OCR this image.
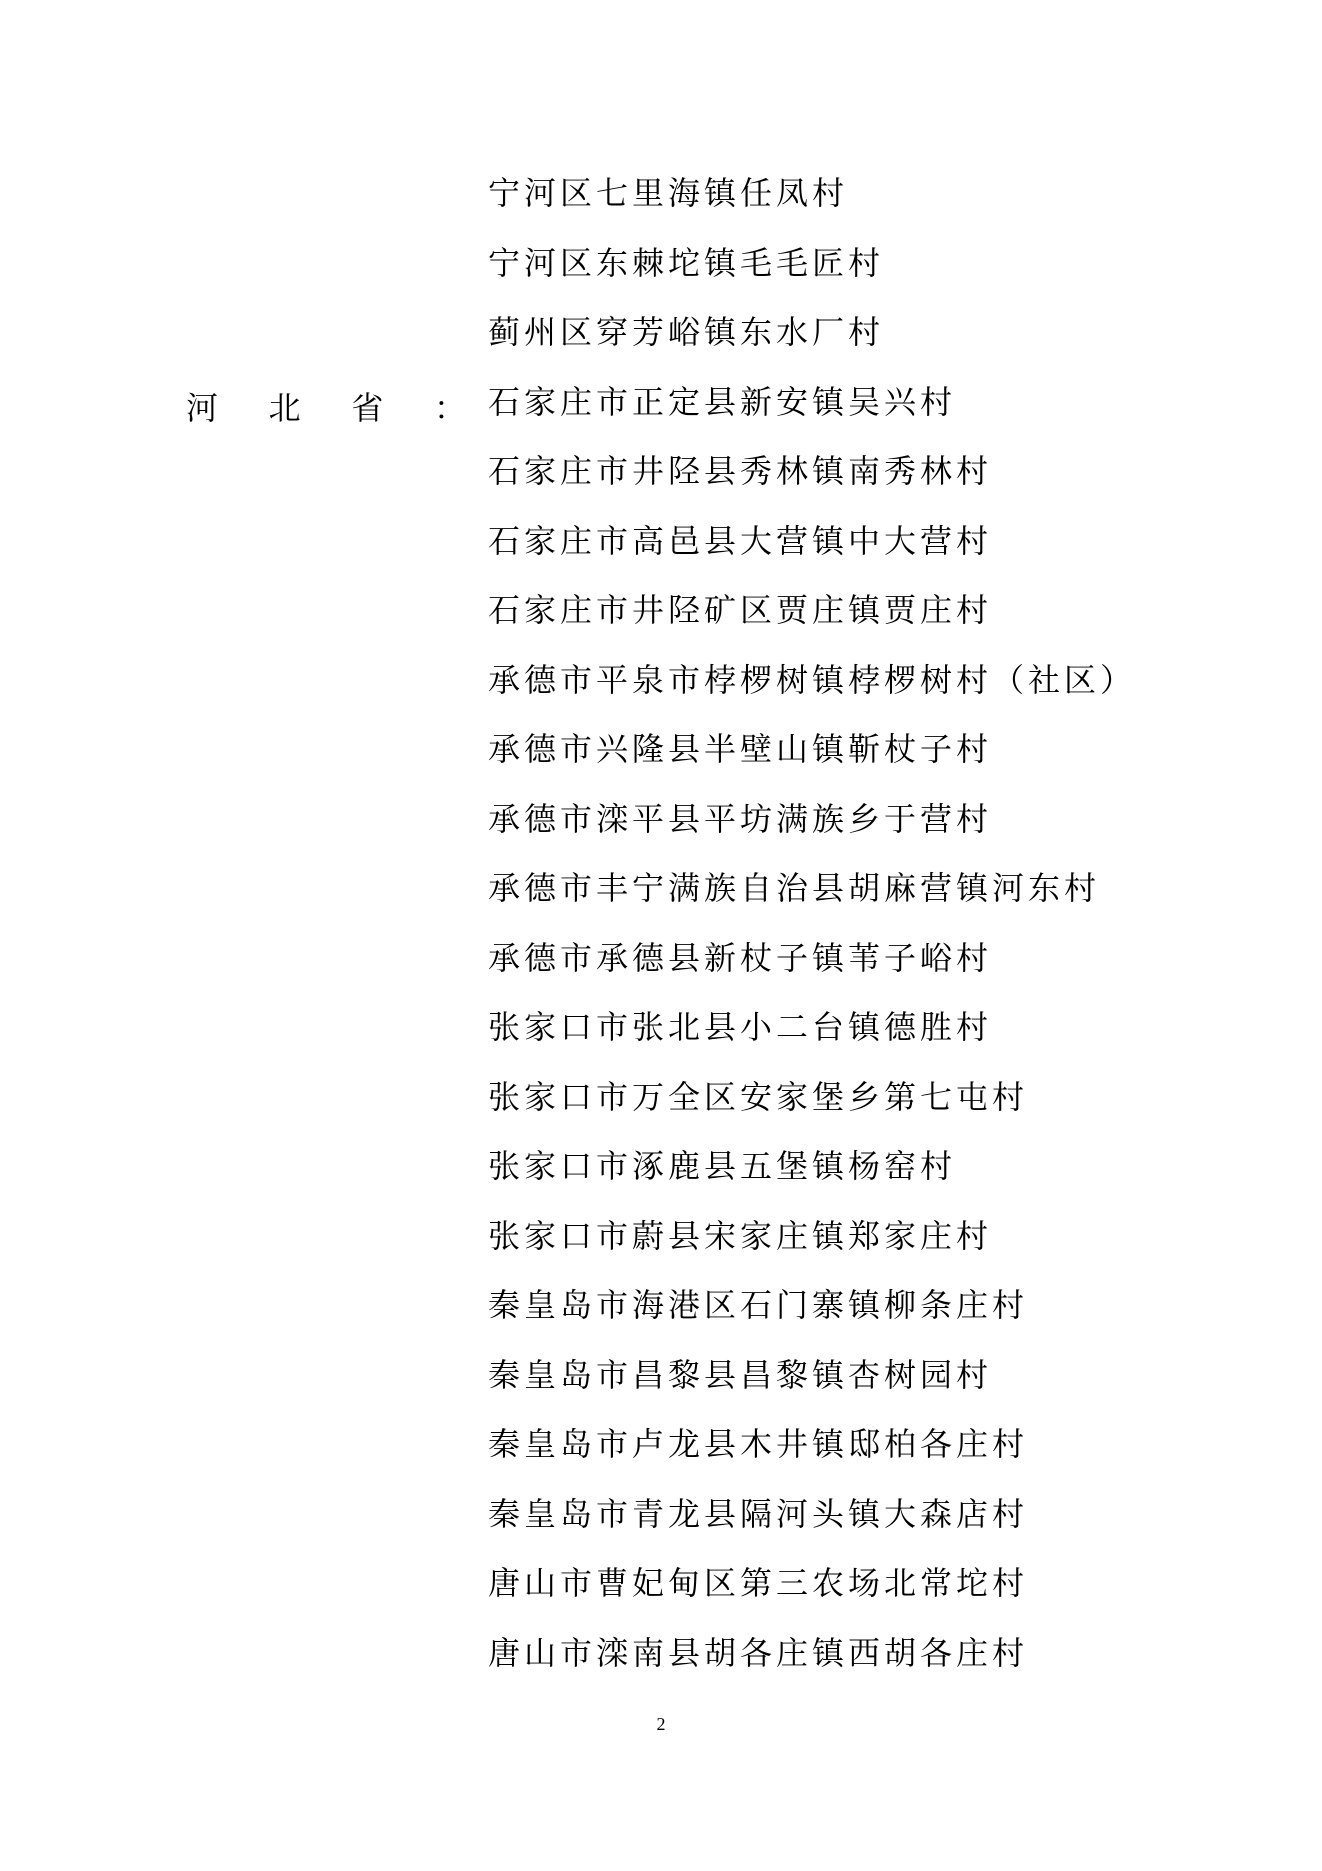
河 北 省 ：
宁河区七里海镇任凤村
宁河区东棘坨镇毛毛匠村
蓟州区穿芳峪镇东水厂村
石家庄市正定县新安镇吴兴村
石家庄市井陉县秀林镇南秀林村
石家庄市高邑县大营镇中大营村
石家庄市井陉矿区贾庄镇贾庄村
承德市平泉市桲椤树镇桲椤树村（社区）
承德市兴隆县半壁山镇靳杖子村
承德市滦平县平坊满族乡于营村
承德市丰宁满族自治县胡麻营镇河东村
承德市承德县新杖子镇苇子峪村
张家口市张北县小二台镇德胜村
张家口市万全区安家堡乡第七屯村
张家口市涿鹿县五堡镇杨窑村
张家口市蔚县宋家庄镇郑家庄村
秦皇岛市海港区石门寨镇柳条庄村
秦皇岛市昌黎县昌黎镇杏树园村
秦皇岛市卢龙县木井镇邸柏各庄村
秦皇岛市青龙县隔河头镇大森店村
唐山市曹妃甸区第三农场北常坨村
唐山市滦南县胡各庄镇西胡各庄村
2
